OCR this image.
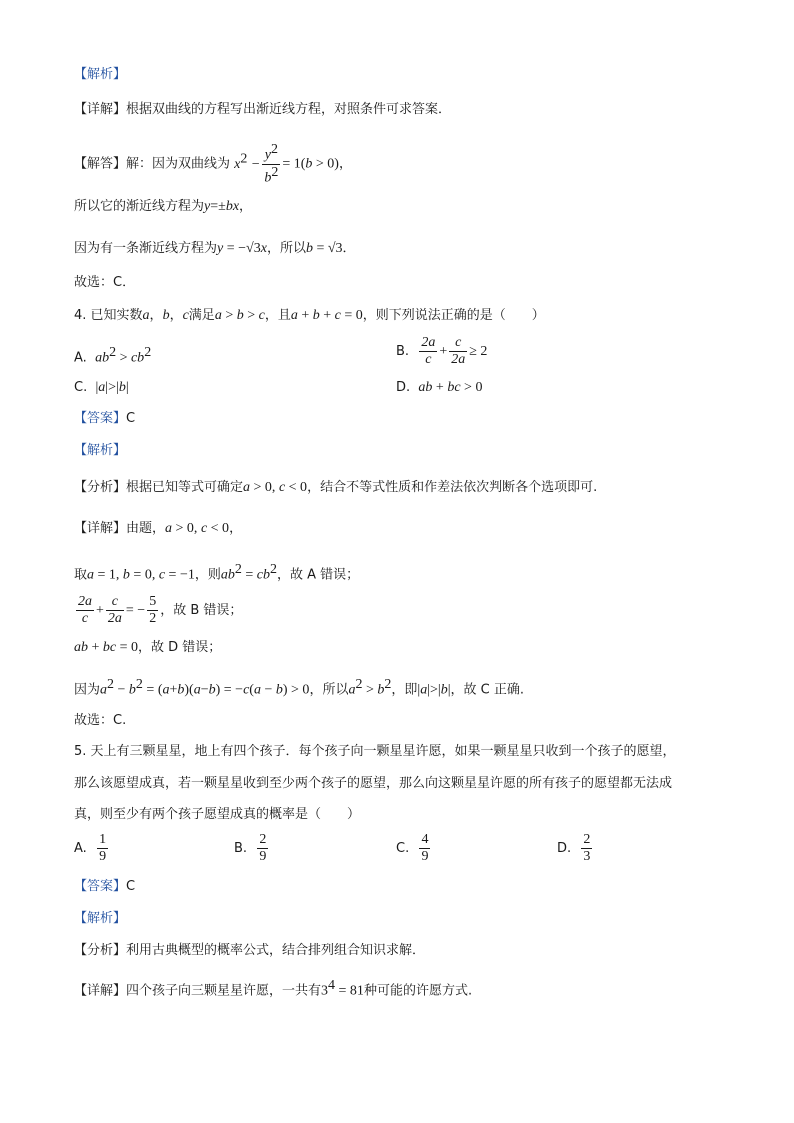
【解析】
【详解】根据双曲线的方程写出渐近线方程，对照条件可求答案．
【解答】解：因为双曲线为 $x^2 - \frac{y^2}{b^2} = 1(b > 0)$，
所以它的渐近线方程为y=±bx，
因为有一条渐近线方程为y = −√3x，所以b = √3．
故选：C．
4. 已知实数a，b，c满足a > b > c，且a + b + c = 0，则下列说法正确的是（　　）
A. $ab^2 > cb^2$	B. $\frac{2a}{c} + \frac{c}{2a} \ge 2$
C. |a|>|b|	D. ab + bc > 0
【答案】C
【解析】
【分析】根据已知等式可确定a > 0, c < 0，结合不等式性质和作差法依次判断各个选项即可.
【详解】由题，a > 0, c < 0，
取a = 1, b = 0, c = −1，则$ab^2 = cb^2$，故 A 错误；
$\frac{2a}{c} + \frac{c}{2a}$ = − $\frac{5}{2}$ ，故 B 错误；
ab + bc = 0，故 D 错误；
因为$a^2 - b^2 = (a+b)(a-b) = -c(a - b) > 0$，所以$a^2 > b^2$，即|a|>|b|，故 C 正确.
故选：C.
5. 天上有三颗星星，地上有四个孩子．每个孩子向一颗星星许愿，如果一颗星星只收到一个孩子的愿望，
那么该愿望成真，若一颗星星收到至少两个孩子的愿望，那么向这颗星星许愿的所有孩子的愿望都无法成
真，则至少有两个孩子愿望成真的概率是（　　）
A. $\frac{1}{9}$	B. $\frac{2}{9}$	C. $\frac{4}{9}$	D. $\frac{2}{3}$
【答案】C
【解析】
【分析】利用古典概型的概率公式，结合排列组合知识求解．
【详解】四个孩子向三颗星星许愿，一共有$3^4 = 81$种可能的许愿方式.
